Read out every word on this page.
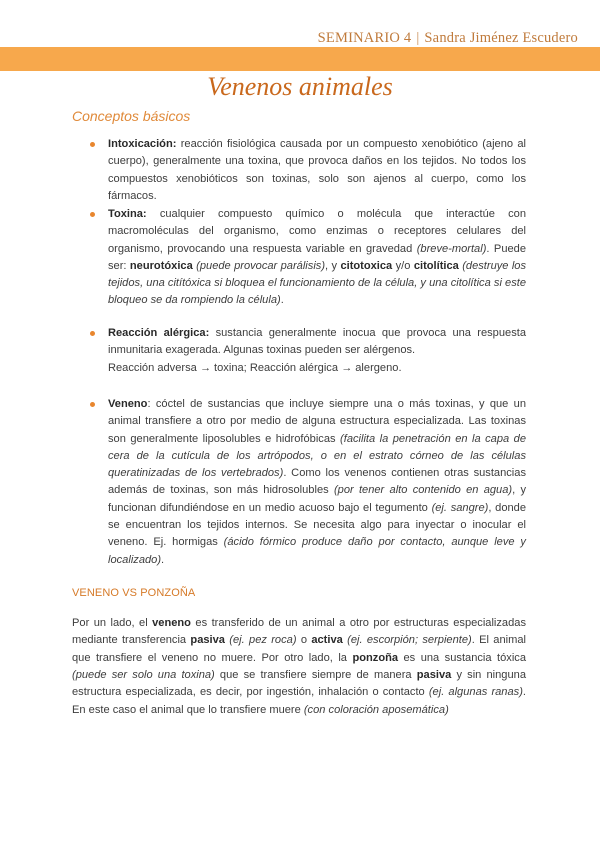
SEMINARIO 4 | Sandra Jiménez Escudero
Venenos animales
Conceptos básicos
Intoxicación: reacción fisiológica causada por un compuesto xenobiótico (ajeno al cuerpo), generalmente una toxina, que provoca daños en los tejidos. No todos los compuestos xenobióticos son toxinas, solo son ajenos al cuerpo, como los fármacos.
Toxina: cualquier compuesto químico o molécula que interactúe con macromoléculas del organismo, como enzimas o receptores celulares del organismo, provocando una respuesta variable en gravedad (breve-mortal). Puede ser: neurotóxica (puede provocar parálisis), y citotoxica y/o citolítica (destruye los tejidos, una citítóxica si bloquea el funcionamiento de la célula, y una citolítica si este bloqueo se da rompiendo la célula).
Reacción alérgica: sustancia generalmente inocua que provoca una respuesta inmunitaria exagerada. Algunas toxinas pueden ser alérgenos.
Reacción adversa → toxina; Reacción alérgica → alergeno.
Veneno: cóctel de sustancias que incluye siempre una o más toxinas, y que un animal transfiere a otro por medio de alguna estructura especializada. Las toxinas son generalmente liposolubles e hidrofóbicas (facilita la penetración en la capa de cera de la cutícula de los artrópodos, o en el estrato córneo de las células queratinizadas de los vertebrados). Como los venenos contienen otras sustancias además de toxinas, son más hidrosolubles (por tener alto contenido en agua), y funcionan difundiéndose en un medio acuoso bajo el tegumento (ej. sangre), donde se encuentran los tejidos internos. Se necesita algo para inyectar o inocular el veneno. Ej. hormigas (ácido fórmico produce daño por contacto, aunque leve y localizado).
VENENO VS PONZOÑA

Por un lado, el veneno es transferido de un animal a otro por estructuras especializadas mediante transferencia pasiva (ej. pez roca) o activa (ej. escorpión; serpiente). El animal que transfiere el veneno no muere. Por otro lado, la ponzoña es una sustancia tóxica (puede ser solo una toxina) que se transfiere siempre de manera pasiva y sin ninguna estructura especializada, es decir, por ingestión, inhalación o contacto (ej. algunas ranas). En este caso el animal que lo transfiere muere (con coloración aposemática)
